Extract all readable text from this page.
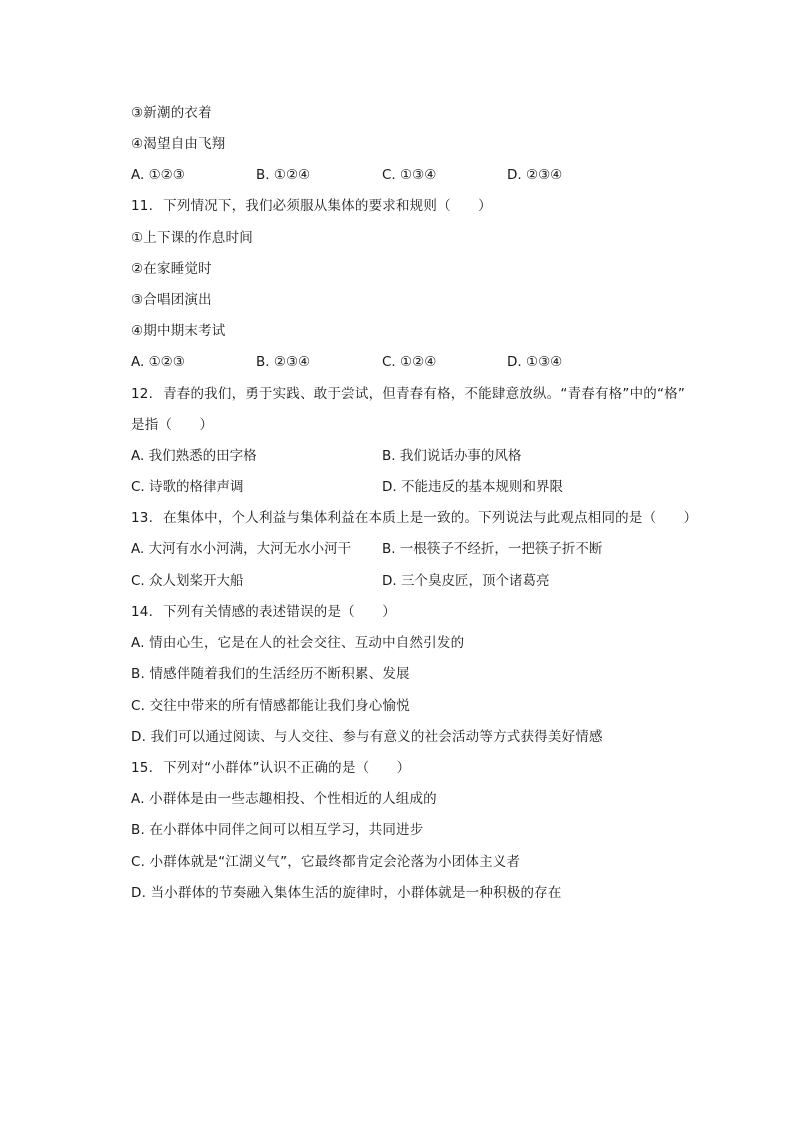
③新潮的衣着
④渴望自由飞翔
A. ①②③	B. ①②④	C. ①③④	D. ②③④
11. 下列情况下，我们必须服从集体的要求和规则（　　）
①上下课的作息时间
②在家睡觉时
③合唱团演出
④期中期末考试
A. ①②③	B. ②③④	C. ①②④	D. ①③④
12. 青春的我们，勇于实践、敢于尝试，但青春有格，不能肆意放纵。“青春有格”中的“格”
是指（　　）
A. 我们熟悉的田字格	B. 我们说话办事的风格
C. 诗歌的格律声调	D. 不能违反的基本规则和界限
13. 在集体中，个人利益与集体利益在本质上是一致的。下列说法与此观点相同的是（　　）
A. 大河有水小河满，大河无水小河干 B. 一根筷子不经折，一把筷子折不断
C. 众人划桨开大船	D. 三个臭皮匠，顶个诸葛亮
14. 下列有关情感的表述错误的是（　　）
A. 情由心生，它是在人的社会交往、互动中自然引发的
B. 情感伴随着我们的生活经历不断积累、发展
C. 交往中带来的所有情感都能让我们身心愉悦
D. 我们可以通过阅读、与人交往、参与有意义的社会活动等方式获得美好情感
15. 下列对“小群体”认识不正确的是（　　）
A. 小群体是由一些志趣相投、个性相近的人组成的
B. 在小群体中同伴之间可以相互学习，共同进步
C. 小群体就是“江湖义气”，它最终都肯定会沦落为小团体主义者
D. 当小群体的节奏融入集体生活的旋律时，小群体就是一种积极的存在
